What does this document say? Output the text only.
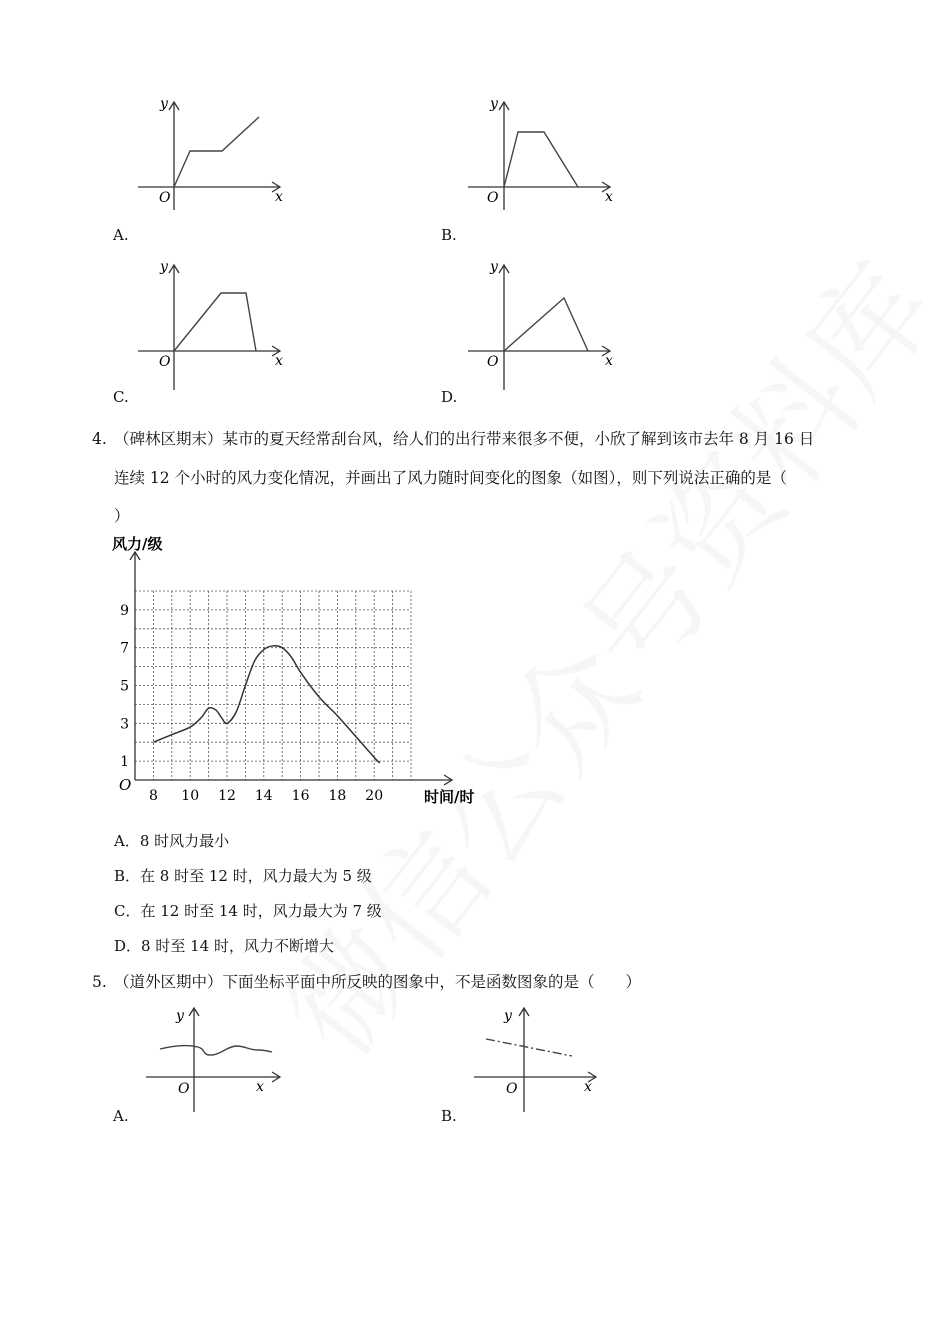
y
x
O
A.
y
x
O
B.
y
x
O
C.
y
x
O
D.
4. （碑林区期末）某市的夏天经常刮台风，给人们的出行带来很多不便，小欣了解到该市去年 8 月 16 日
连续 12 个小时的风力变化情况，并画出了风力随时间变化的图象（如图），则下列说法正确的是（
）
风力/级
时间/时
O
8 10 12 14 16 18 20
1
3
5
7
9
A．8 时风力最小
B．在 8 时至 12 时，风力最大为 5 级
C．在 12 时至 14 时，风力最大为 7 级
D．8 时至 14 时，风力不断增大
5. （道外区期中）下面坐标平面中所反映的图象中，不是函数图象的是（　　）
y
x
O
A.
y
x
O
B.
